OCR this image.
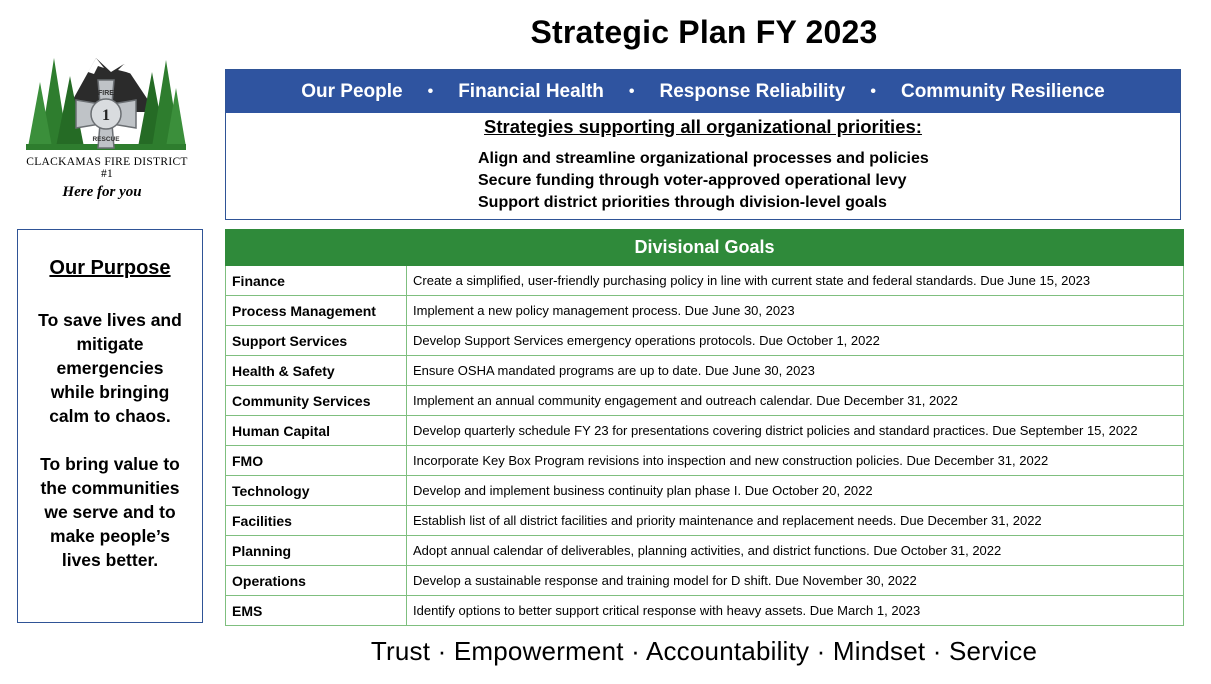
Strategic Plan FY 2023
FIRE
1
RESCUE
CLACKAMAS FIRE DISTRICT #1
Here for you
Our People • Financial Health • Response Reliability • Community Resilience
Strategies supporting all organizational priorities:
Align and streamline organizational processes and policies
Secure funding through voter-approved operational levy
Support district priorities through division-level goals
Our Purpose
To save lives and mitigate emergencies while bringing calm to chaos.
To bring value to the communities we serve and to make people’s lives better.
Divisional Goals	
Finance	Create a simplified, user-friendly purchasing policy in line with current state and federal standards. Due June 15, 2023
Process Management	Implement a new policy management process. Due June 30, 2023
Support Services	Develop Support Services emergency operations protocols. Due October 1, 2022
Health & Safety	Ensure OSHA mandated programs are up to date. Due June 30, 2023
Community Services	Implement an annual community engagement and outreach calendar. Due December 31, 2022
Human Capital	Develop quarterly schedule FY 23 for presentations covering district policies and standard practices. Due September 15, 2022
FMO	Incorporate Key Box Program revisions into inspection and new construction policies. Due December 31, 2022
Technology	Develop and implement business continuity plan phase I. Due October 20, 2022
Facilities	Establish list of all district facilities and priority maintenance and replacement needs. Due December 31, 2022
Planning	Adopt annual calendar of deliverables, planning activities, and district functions. Due October 31, 2022
Operations	Develop a sustainable response and training model for D shift. Due November 30, 2022
EMS	Identify options to better support critical response with heavy assets. Due March 1, 2023
Trust · Empowerment · Accountability · Mindset · Service
